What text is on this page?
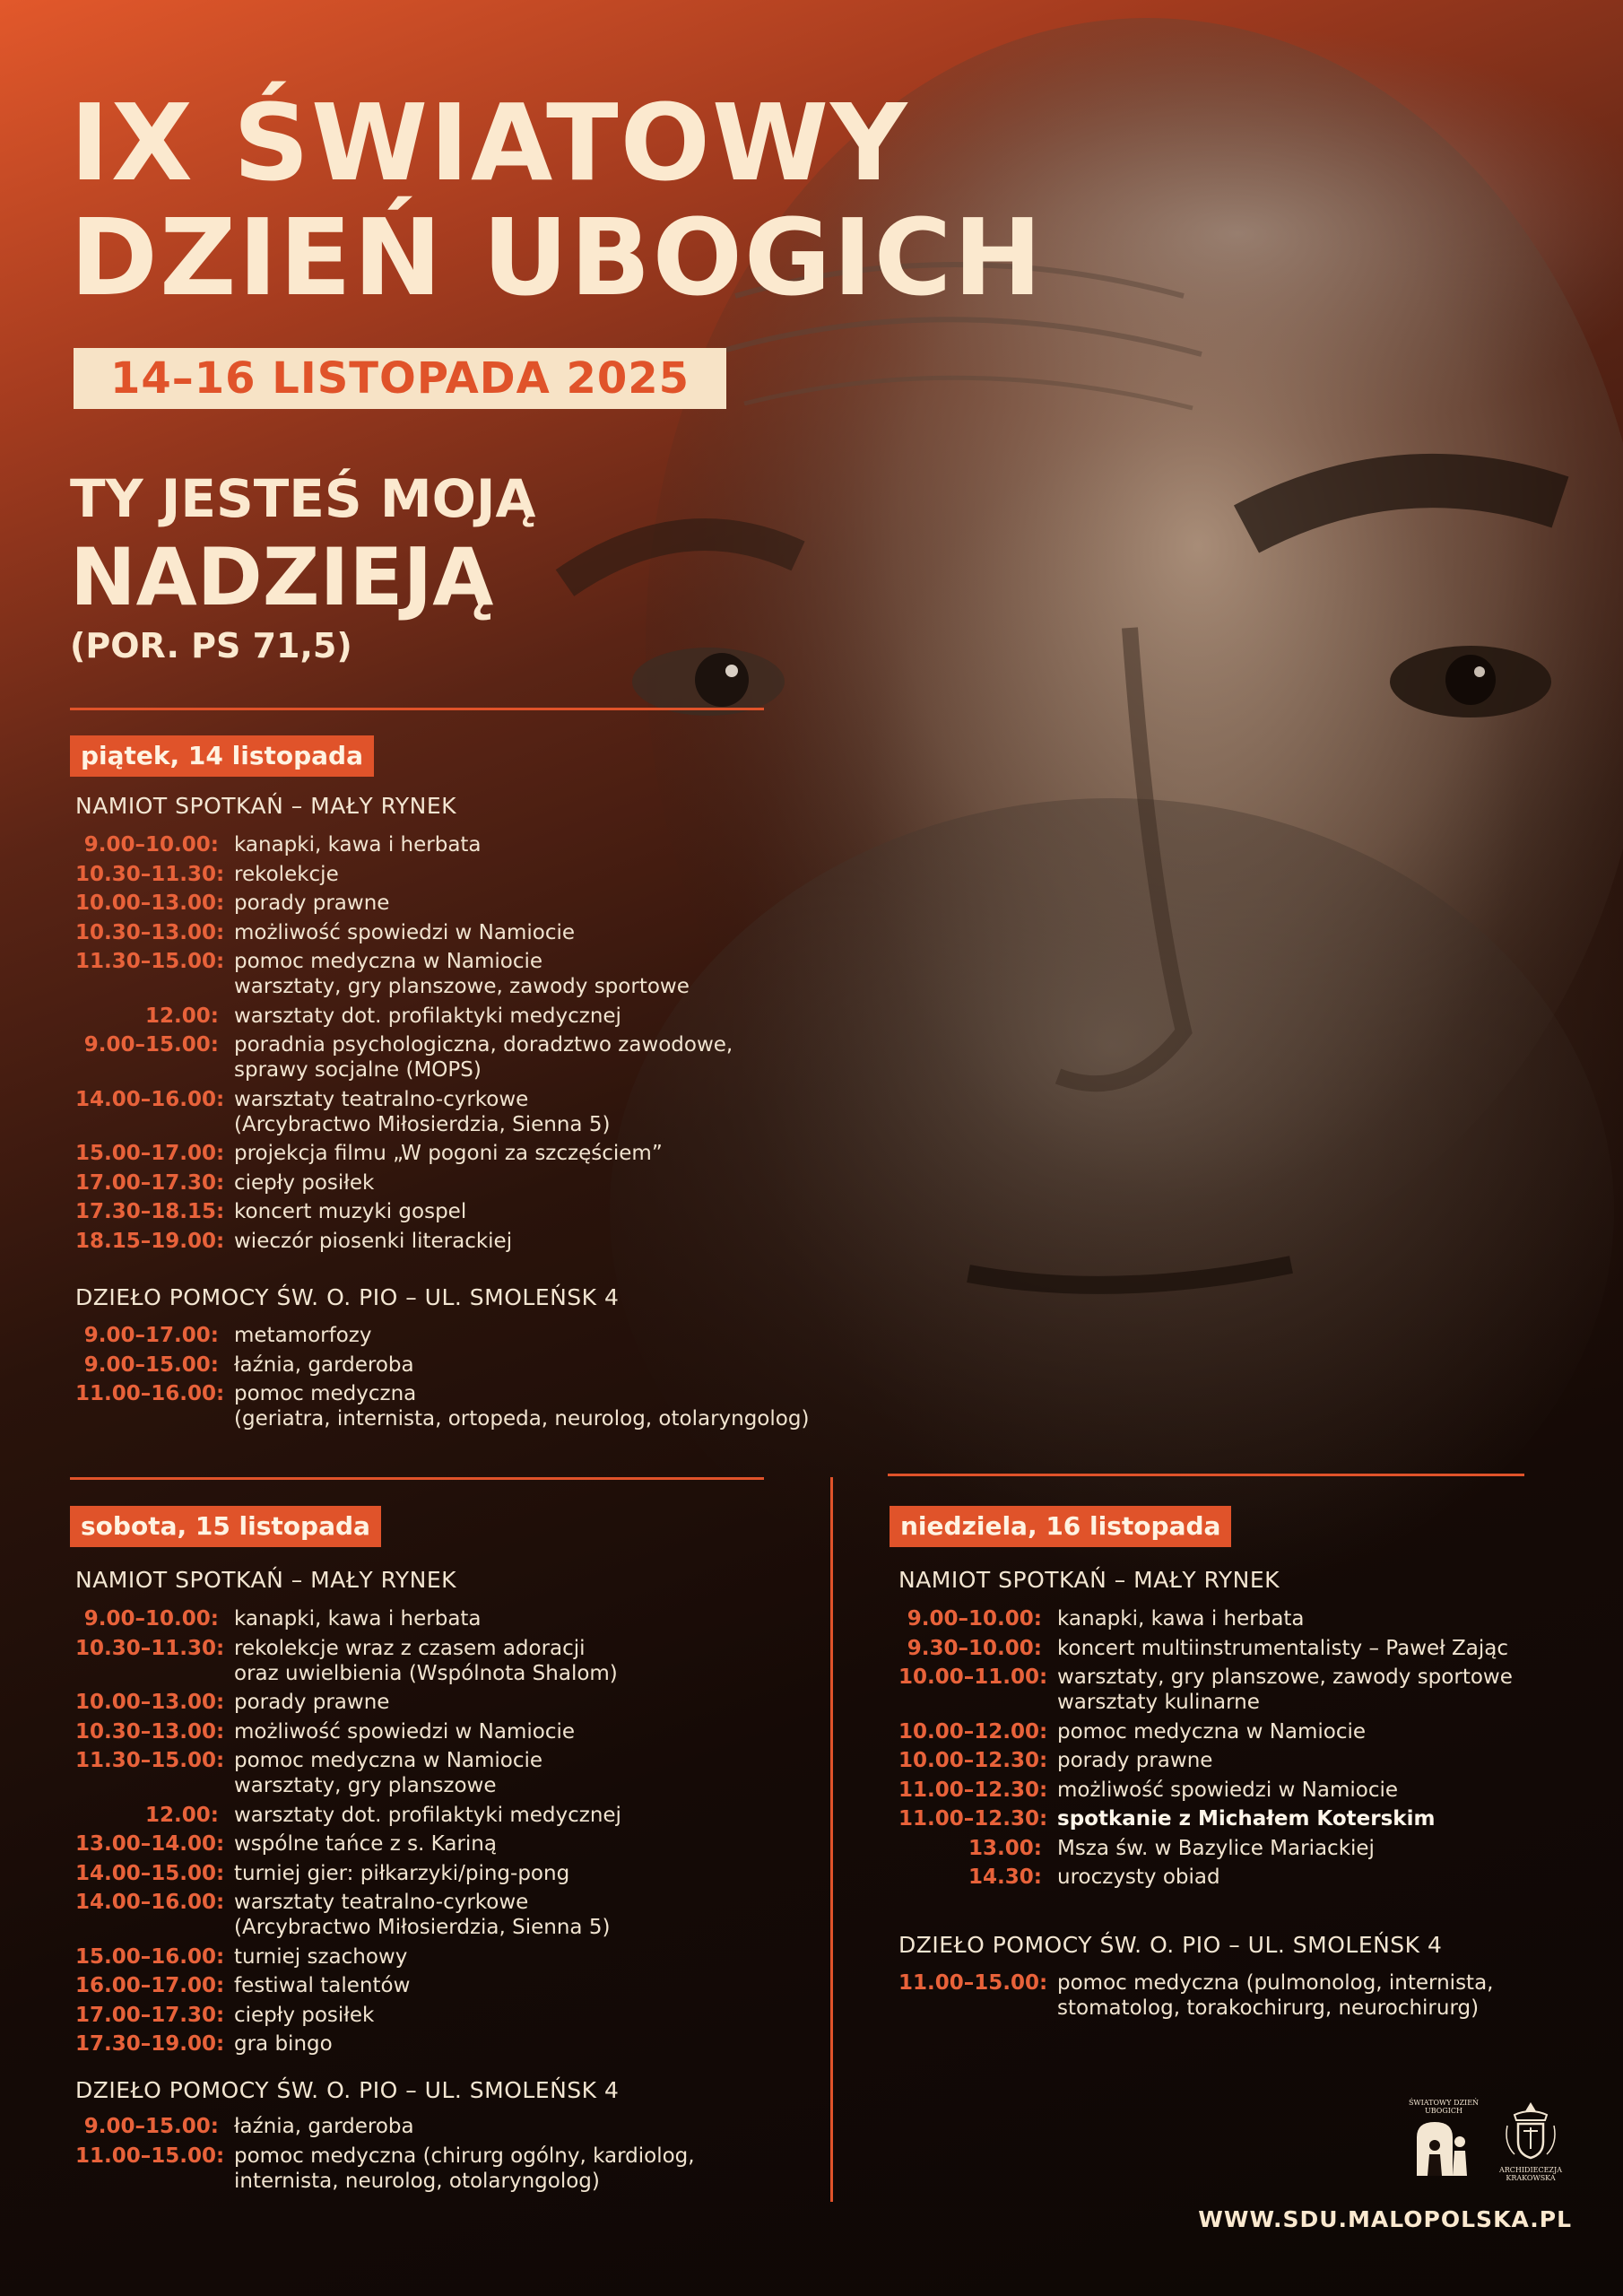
IX ŚWIATOWY
DZIEŃ UBOGICH
14–16 LISTOPADA 2025
TY JESTEŚ MOJĄ
NADZIEJĄ
(POR. PS 71,5)
piątek, 14 listopada
NAMIOT SPOTKAŃ – MAŁY RYNEK
9.00–10.00: kanapki, kawa i herbata
10.30–11.30: rekolekcje
10.00–13.00: porady prawne
10.30–13.00: możliwość spowiedzi w Namiocie
11.30–15.00: pomoc medyczna w Namiocie
warsztaty, gry planszowe, zawody sportowe
12.00: warsztaty dot. profilaktyki medycznej
9.00–15.00: poradnia psychologiczna, doradztwo zawodowe,
sprawy socjalne (MOPS)
14.00–16.00: warsztaty teatralno-cyrkowe
(Arcybractwo Miłosierdzia, Sienna 5)
15.00–17.00: projekcja filmu „W pogoni za szczęściem”
17.00–17.30: ciepły posiłek
17.30–18.15: koncert muzyki gospel
18.15–19.00: wieczór piosenki literackiej
DZIEŁO POMOCY ŚW. O. PIO – UL. SMOLEŃSK 4
9.00–17.00: metamorfozy
9.00–15.00: łaźnia, garderoba
11.00–16.00: pomoc medyczna
(geriatra, internista, ortopeda, neurolog, otolaryngolog)
sobota, 15 listopada
NAMIOT SPOTKAŃ – MAŁY RYNEK
9.00–10.00: kanapki, kawa i herbata
10.30–11.30: rekolekcje wraz z czasem adoracji
oraz uwielbienia (Wspólnota Shalom)
10.00–13.00: porady prawne
10.30–13.00: możliwość spowiedzi w Namiocie
11.30–15.00: pomoc medyczna w Namiocie
warsztaty, gry planszowe
12.00: warsztaty dot. profilaktyki medycznej
13.00–14.00: wspólne tańce z s. Kariną
14.00–15.00: turniej gier: piłkarzyki/ping-pong
14.00–16.00: warsztaty teatralno-cyrkowe
(Arcybractwo Miłosierdzia, Sienna 5)
15.00–16.00: turniej szachowy
16.00–17.00: festiwal talentów
17.00–17.30: ciepły posiłek
17.30–19.00: gra bingo
DZIEŁO POMOCY ŚW. O. PIO – UL. SMOLEŃSK 4
9.00–15.00: łaźnia, garderoba
11.00–15.00: pomoc medyczna (chirurg ogólny, kardiolog,
internista, neurolog, otolaryngolog)
niedziela, 16 listopada
NAMIOT SPOTKAŃ – MAŁY RYNEK
9.00–10.00: kanapki, kawa i herbata
9.30–10.00: koncert multiinstrumentalisty – Paweł Zając
10.00–11.00: warsztaty, gry planszowe, zawody sportowe
warsztaty kulinarne
10.00–12.00: pomoc medyczna w Namiocie
10.00–12.30: porady prawne
11.00–12.30: możliwość spowiedzi w Namiocie
11.00–12.30: spotkanie z Michałem Koterskim
13.00: Msza św. w Bazylice Mariackiej
14.30: uroczysty obiad
DZIEŁO POMOCY ŚW. O. PIO – UL. SMOLEŃSK 4
11.00–15.00: pomoc medyczna (pulmonolog, internista,
stomatolog, torakochirurg, neurochirurg)
ŚWIATOWY DZIEŃ UBOGICH
ARCHIDIECEZJA KRAKOWSKA
WWW.SDU.MALOPOLSKA.PL
